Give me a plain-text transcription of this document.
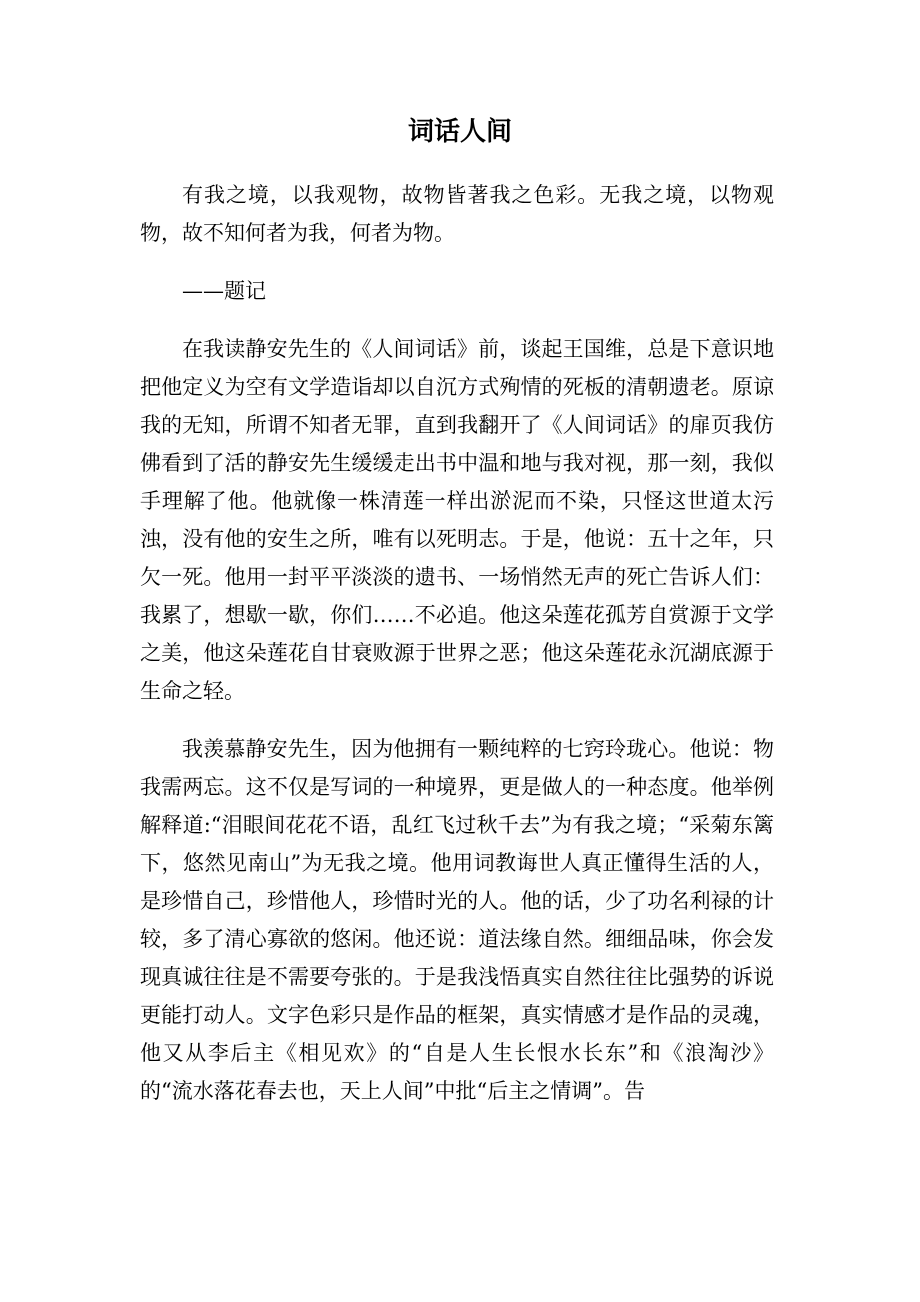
词话人间

有我之境，以我观物，故物皆著我之色彩。无我之境，以物观物，故不知何者为我，何者为物。

——题记

在我读静安先生的《人间词话》前，谈起王国维，总是下意识地把他定义为空有文学造诣却以自沉方式殉情的死板的清朝遗老。原谅我的无知，所谓不知者无罪，直到我翻开了《人间词话》的扉页我仿佛看到了活的静安先生缓缓走出书中温和地与我对视，那一刻，我似手理解了他。他就像一株清莲一样出淤泥而不染，只怪这世道太污浊，没有他的安生之所，唯有以死明志。于是，他说：五十之年，只欠一死。他用一封平平淡淡的遗书、一场悄然无声的死亡告诉人们：我累了，想歇一歇，你们……不必追。他这朵莲花孤芳自赏源于文学之美，他这朵莲花自甘衰败源于世界之恶；他这朵莲花永沉湖底源于生命之轻。

我羡慕静安先生，因为他拥有一颗纯粹的七窍玲珑心。他说：物我需两忘。这不仅是写词的一种境界，更是做人的一种态度。他举例解释道:“泪眼间花花不语，乱红飞过秋千去”为有我之境；“采菊东篱下，悠然见南山”为无我之境。他用词教诲世人真正懂得生活的人，是珍惜自己，珍惜他人，珍惜时光的人。他的话，少了功名利禄的计较，多了清心寡欲的悠闲。他还说：道法缘自然。细细品味，你会发现真诚往往是不需要夸张的。于是我浅悟真实自然往往比强势的诉说更能打动人。文字色彩只是作品的框架，真实情感才是作品的灵魂，他又从李后主《相见欢》的“自是人生长恨水长东”和《浪淘沙》的“流水落花春去也，天上人间”中批“后主之情调”。告
